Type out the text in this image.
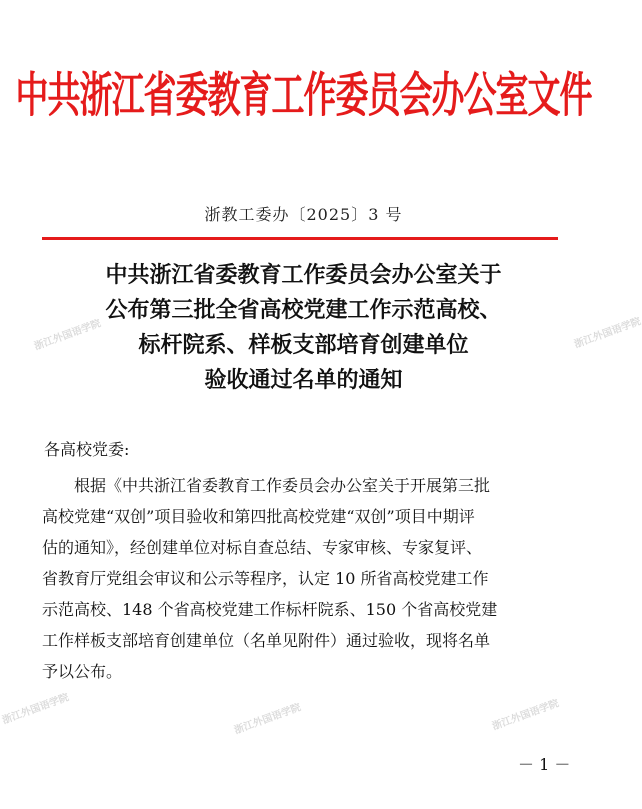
中共浙江省委教育工作委员会办公室文件
浙教工委办〔2025〕3 号
中共浙江省委教育工作委员会办公室关于
公布第三批全省高校党建工作示范高校、
标杆院系、样板支部培育创建单位
验收通过名单的通知
各高校党委:
　　根据《中共浙江省委教育工作委员会办公室关于开展第三批
高校党建“双创”项目验收和第四批高校党建“双创”项目中期评
估的通知》，经创建单位对标自查总结、专家审核、专家复评、
省教育厅党组会审议和公示等程序，认定 10 所省高校党建工作
示范高校、148 个省高校党建工作标杆院系、150 个省高校党建
工作样板支部培育创建单位（名单见附件）通过验收，现将名单
予以公布。
－ 1 －
浙江外国语学院	浙江外国语学院
浙江外国语学院	浙江外国语学院	浙江外国语学院
